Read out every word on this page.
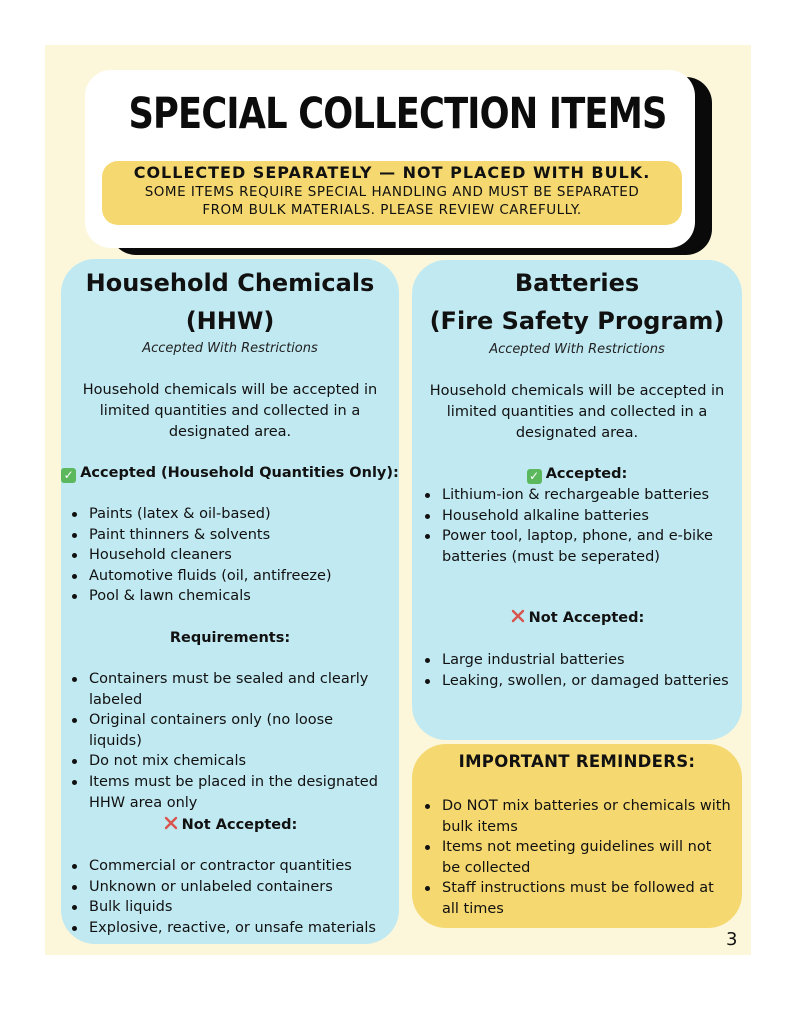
SPECIAL COLLECTION ITEMS
COLLECTED SEPARATELY — NOT PLACED WITH BULK.
SOME ITEMS REQUIRE SPECIAL HANDLING AND MUST BE SEPARATED
FROM BULK MATERIALS. PLEASE REVIEW CAREFULLY.
Household Chemicals
(HHW)
Accepted With Restrictions
Household chemicals will be accepted in
limited quantities and collected in a
designated area.
✓ Accepted (Household Quantities Only):
Paints (latex & oil-based)
Paint thinners & solvents
Household cleaners
Automotive fluids (oil, antifreeze)
Pool & lawn chemicals
Requirements:
Containers must be sealed and clearly labeled
Original containers only (no loose liquids)
Do not mix chemicals
Items must be placed in the designated HHW area only
Not Accepted:
Commercial or contractor quantities
Unknown or unlabeled containers
Bulk liquids
Explosive, reactive, or unsafe materials
Batteries
(Fire Safety Program)
Accepted With Restrictions
Household chemicals will be accepted in
limited quantities and collected in a
designated area.
✓ Accepted:
Lithium-ion & rechargeable batteries
Household alkaline batteries
Power tool, laptop, phone, and e-bike batteries (must be seperated)
Not Accepted:
Large industrial batteries
Leaking, swollen, or damaged batteries
IMPORTANT REMINDERS:
Do NOT mix batteries or chemicals with bulk items
Items not meeting guidelines will not be collected
Staff instructions must be followed at all times
3
